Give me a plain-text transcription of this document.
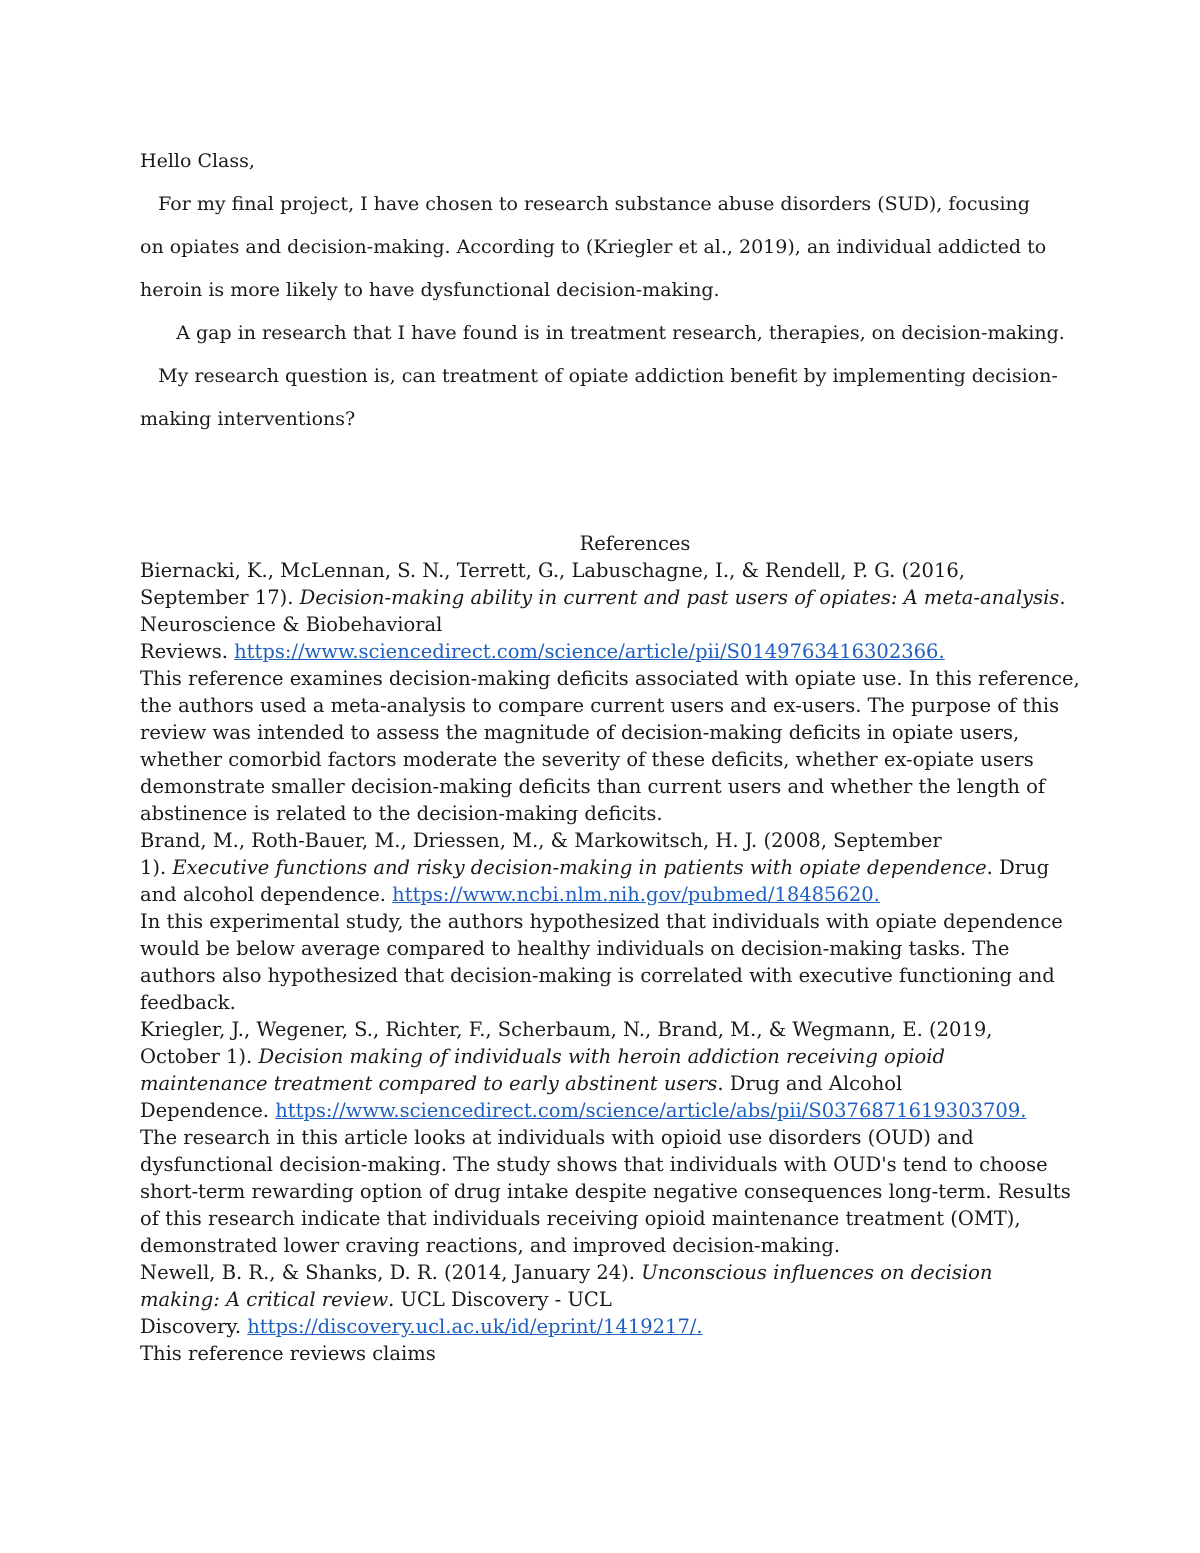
Hello Class,
For my final project, I have chosen to research substance abuse disorders (SUD), focusing
on opiates and decision-making. According to (Kriegler et al., 2019), an individual addicted to
heroin is more likely to have dysfunctional decision-making.
A gap in research that I have found is in treatment research, therapies, on decision-making.
My research question is, can treatment of opiate addiction benefit by implementing decision-
making interventions?
References
Biernacki, K., McLennan, S. N., Terrett, G., Labuschagne, I., & Rendell, P. G. (2016,
September 17). Decision-making ability in current and past users of opiates: A meta-analysis.
Neuroscience & Biobehavioral
Reviews. https://www.sciencedirect.com/science/article/pii/S0149763416302366.
This reference examines decision-making deficits associated with opiate use. In this reference,
the authors used a meta-analysis to compare current users and ex-users. The purpose of this
review was intended to assess the magnitude of decision-making deficits in opiate users,
whether comorbid factors moderate the severity of these deficits, whether ex-opiate users
demonstrate smaller decision-making deficits than current users and whether the length of
abstinence is related to the decision-making deficits.
Brand, M., Roth-Bauer, M., Driessen, M., & Markowitsch, H. J. (2008, September
1). Executive functions and risky decision-making in patients with opiate dependence. Drug
and alcohol dependence. https://www.ncbi.nlm.nih.gov/pubmed/18485620.
In this experimental study, the authors hypothesized that individuals with opiate dependence
would be below average compared to healthy individuals on decision-making tasks. The
authors also hypothesized that decision-making is correlated with executive functioning and
feedback.
Kriegler, J., Wegener, S., Richter, F., Scherbaum, N., Brand, M., & Wegmann, E. (2019,
October 1). Decision making of individuals with heroin addiction receiving opioid
maintenance treatment compared to early abstinent users. Drug and Alcohol
Dependence. https://www.sciencedirect.com/science/article/abs/pii/S0376871619303709.
The research in this article looks at individuals with opioid use disorders (OUD) and
dysfunctional decision-making. The study shows that individuals with OUD's tend to choose
short-term rewarding option of drug intake despite negative consequences long-term. Results
of this research indicate that individuals receiving opioid maintenance treatment (OMT),
demonstrated lower craving reactions, and improved decision-making.
Newell, B. R., & Shanks, D. R. (2014, January 24). Unconscious influences on decision
making: A critical review. UCL Discovery - UCL
Discovery. https://discovery.ucl.ac.uk/id/eprint/1419217/.
This reference reviews claims
